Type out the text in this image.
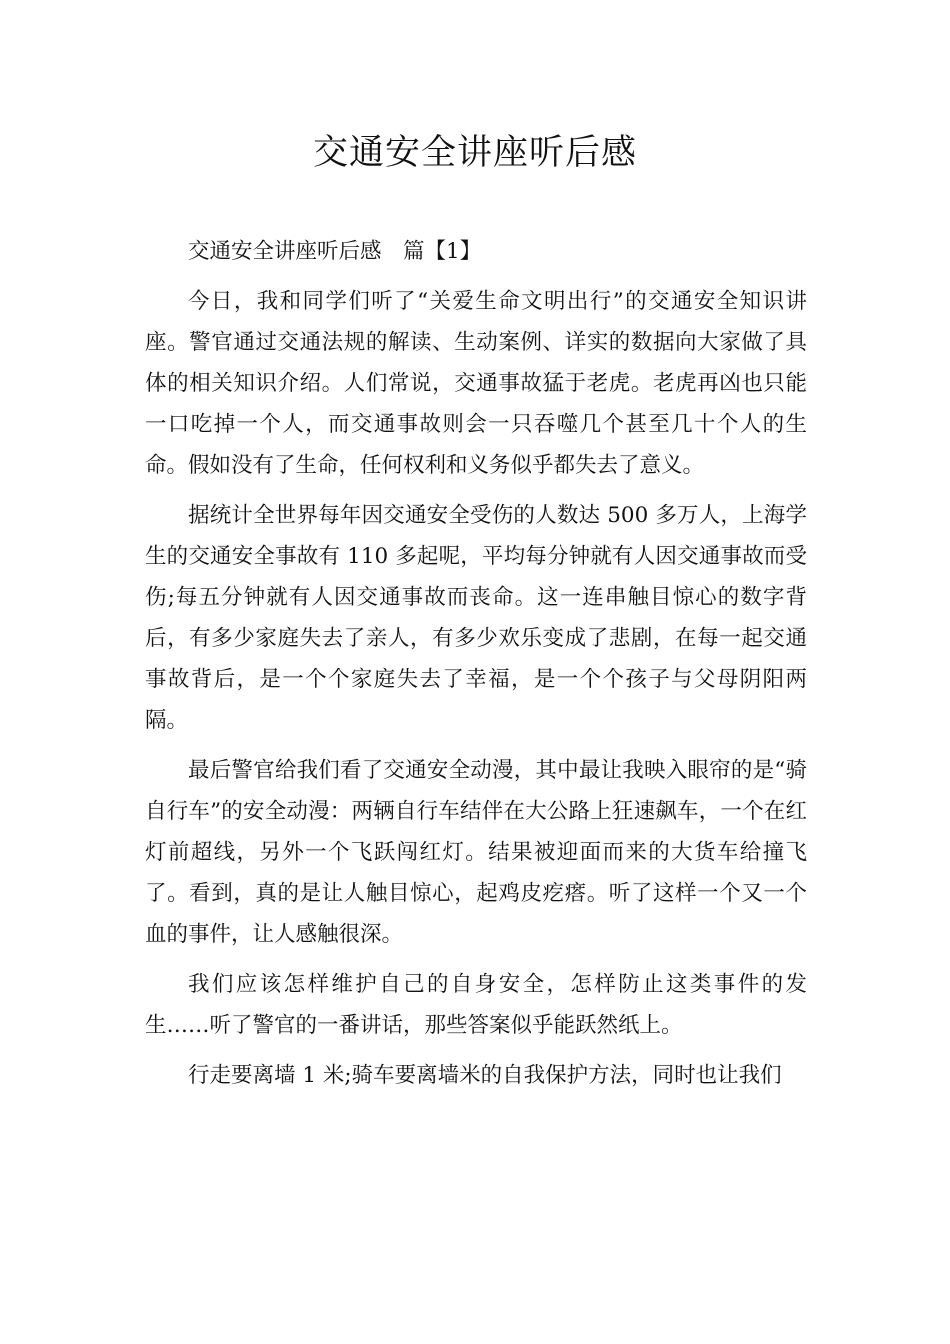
交通安全讲座听后感

交通安全讲座听后感　篇【1】

今日，我和同学们听了“关爱生命文明出行”的交通安全知识讲座。警官通过交通法规的解读、生动案例、详实的数据向大家做了具体的相关知识介绍。人们常说，交通事故猛于老虎。老虎再凶也只能一口吃掉一个人，而交通事故则会一只吞噬几个甚至几十个人的生命。假如没有了生命，任何权利和义务似乎都失去了意义。

据统计全世界每年因交通安全受伤的人数达 500 多万人，上海学生的交通安全事故有 110 多起呢，平均每分钟就有人因交通事故而受伤;每五分钟就有人因交通事故而丧命。这一连串触目惊心的数字背后，有多少家庭失去了亲人，有多少欢乐变成了悲剧，在每一起交通事故背后，是一个个家庭失去了幸福，是一个个孩子与父母阴阳两隔。

最后警官给我们看了交通安全动漫，其中最让我映入眼帘的是“骑自行车”的安全动漫：两辆自行车结伴在大公路上狂速飙车，一个在红灯前超线，另外一个飞跃闯红灯。结果被迎面而来的大货车给撞飞了。看到，真的是让人触目惊心，起鸡皮疙瘩。听了这样一个又一个血的事件，让人感触很深。

我们应该怎样维护自己的自身安全，怎样防止这类事件的发生……听了警官的一番讲话，那些答案似乎能跃然纸上。

行走要离墙 1 米;骑车要离墙米的自我保护方法，同时也让我们
